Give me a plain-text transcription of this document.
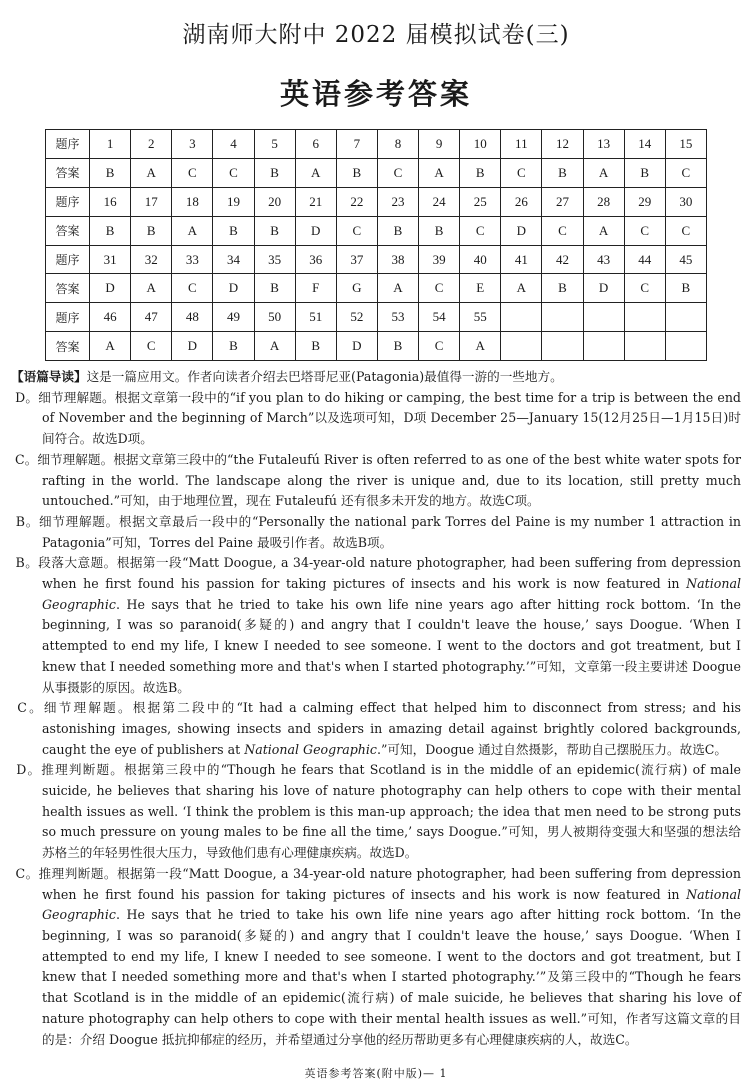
湖南师大附中 2022 届模拟试卷(三)
英语参考答案
题序	1	2	3	4	5	6	7	8	9	10	11	12	13	14	15
答案	B	A	C	C	B	A	B	C	A	B	C	B	A	B	C
题序	16	17	18	19	20	21	22	23	24	25	26	27	28	29	30
答案	B	B	A	B	B	D	C	B	B	C	D	C	A	C	C
题序	31	32	33	34	35	36	37	38	39	40	41	42	43	44	45
答案	D	A	C	D	B	F	G	A	C	E	A	B	D	C	B
题序	46	47	48	49	50	51	52	53	54	55					
答案	A	C	D	B	A	B	D	B	C	A					
【语篇导读】这是一篇应用文。作者向读者介绍去巴塔哥尼亚(Patagonia)最值得一游的一些地方。
D。细节理解题。根据文章第一段中的“if you plan to do hiking or camping, the best time for a trip is between the end of November and the beginning of March”以及选项可知，D项 December 25—January 15(12月25日—1月15日)时间符合。故选D项。
C。细节理解题。根据文章第三段中的“the Futaleufú River is often referred to as one of the best white water spots for rafting in the world. The landscape along the river is unique and, due to its location, still pretty much untouched.”可知，由于地理位置，现在 Futaleufú 还有很多未开发的地方。故选C项。
B。细节理解题。根据文章最后一段中的“Personally the national park Torres del Paine is my number 1 attraction in Patagonia”可知，Torres del Paine 最吸引作者。故选B项。
B。段落大意题。根据第一段“Matt Doogue, a 34-year-old nature photographer, had been suffering from depression when he first found his passion for taking pictures of insects and his work is now featured in National Geographic. He says that he tried to take his own life nine years ago after hitting rock bottom. ‘In the beginning, I was so paranoid(多疑的) and angry that I couldn't leave the house,’ says Doogue. ‘When I attempted to end my life, I knew I needed to see someone. I went to the doctors and got treatment, but I knew that I needed something more and that's when I started photography.’”可知，文章第一段主要讲述 Doogue 从事摄影的原因。故选B。
C。细节理解题。根据第二段中的“It had a calming effect that helped him to disconnect from stress; and his astonishing images, showing insects and spiders in amazing detail against brightly colored backgrounds, caught the eye of publishers at National Geographic.”可知，Doogue 通过自然摄影，帮助自己摆脱压力。故选C。
D。推理判断题。根据第三段中的“Though he fears that Scotland is in the middle of an epidemic(流行病) of male suicide, he believes that sharing his love of nature photography can help others to cope with their mental health issues as well. ‘I think the problem is this man-up approach; the idea that men need to be strong puts so much pressure on young males to be fine all the time,’ says Doogue.”可知，男人被期待变强大和坚强的想法给苏格兰的年轻男性很大压力，导致他们患有心理健康疾病。故选D。
C。推理判断题。根据第一段“Matt Doogue, a 34-year-old nature photographer, had been suffering from depression when he first found his passion for taking pictures of insects and his work is now featured in National Geographic. He says that he tried to take his own life nine years ago after hitting rock bottom. ‘In the beginning, I was so paranoid(多疑的) and angry that I couldn't leave the house,’ says Doogue. ‘When I attempted to end my life, I knew I needed to see someone. I went to the doctors and got treatment, but I knew that I needed something more and that's when I started photography.’”及第三段中的“Though he fears that Scotland is in the middle of an epidemic(流行病) of male suicide, he believes that sharing his love of nature photography can help others to cope with their mental health issues as well.”可知，作者写这篇文章的目的是：介绍 Doogue 抵抗抑郁症的经历，并希望通过分享他的经历帮助更多有心理健康疾病的人，故选C。
英语参考答案(附中版)— 1
